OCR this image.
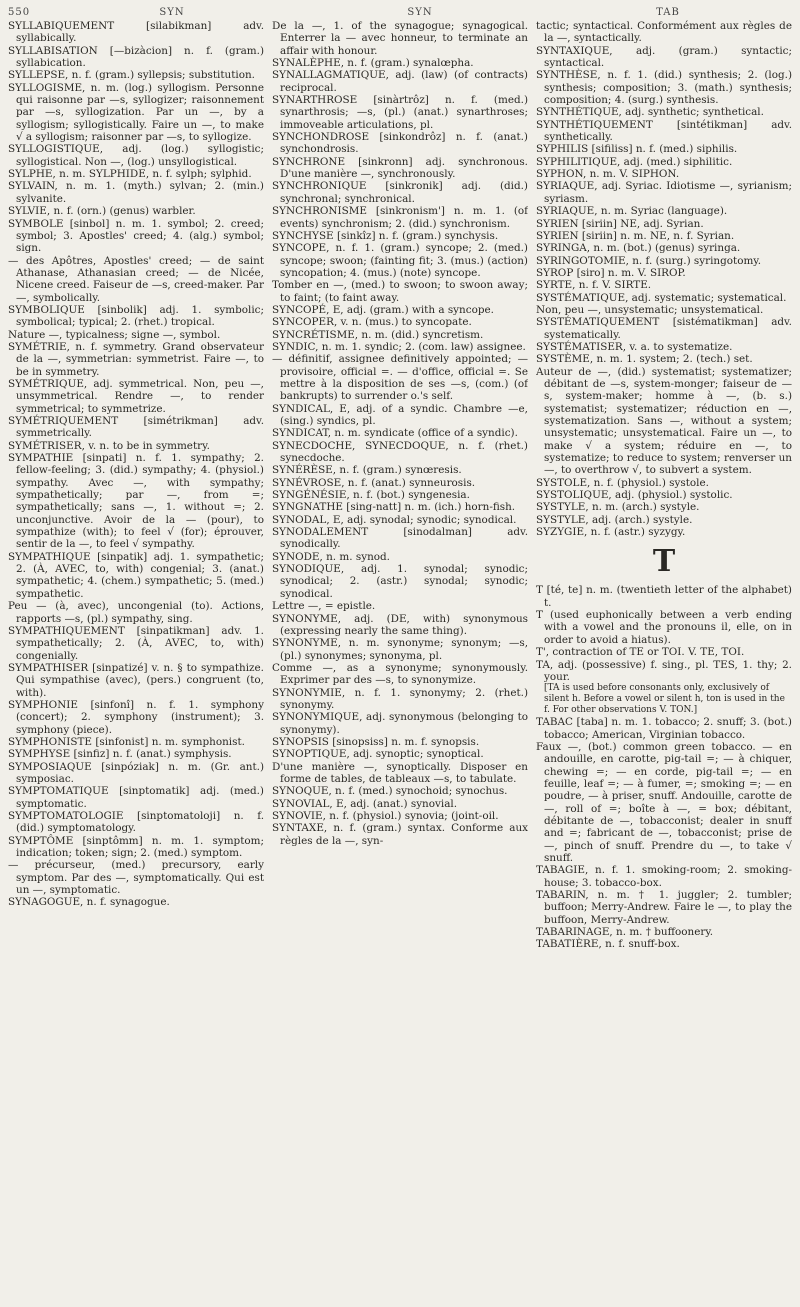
550	SYN	SYN	TAB

SYLLABIQUEMENT [silabikman] adv. syllabically.

SYLLABISATION [—bizàcion] n. f. (gram.) syllabication.

SYLLEPSE, n. f. (gram.) syllepsis; substitution.

SYLLOGISME, n. m. (log.) syllogism. Personne qui raisonne par —s, syllogizer; raisonnement par —s, syllogization. Par un —, by a syllogism; syllogistically. Faire un —, to make √ a syllogism; raisonner par —s, to syllogize.

SYLLOGISTIQUE, adj. (log.) syllogistic; syllogistical. Non —, (log.) unsyllogistical.

SYLPHE, n. m. SYLPHIDE, n. f. sylph; sylphid.

SYLVAIN, n. m. 1. (myth.) sylvan; 2. (min.) sylvanite.

SYLVIE, n. f. (orn.) (genus) warbler.

SYMBOLE [sinbol] n. m. 1. symbol; 2. creed; symbol; 3. Apostles' creed; 4. (alg.) symbol; sign.

— des Apôtres, Apostles' creed; — de saint Athanase, Athanasian creed; — de Nicée, Nicene creed. Faiseur de —s, creed-maker. Par —, symbolically.

SYMBOLIQUE [sinbolik] adj. 1. symbolic; symbolical; typical; 2. (rhet.) tropical.

Nature —, typicalness; signe —, symbol.

SYMÉTRIE, n. f. symmetry. Grand observateur de la —, symmetrian: symmetrist. Faire —, to be in symmetry.

SYMÉTRIQUE, adj. symmetrical. Non, peu —, unsymmetrical. Rendre —, to render symmetrical; to symmetrize.

SYMÉTRIQUEMENT [simétrikman] adv. symmetrically.

SYMÉTRISER, v. n. to be in symmetry.

SYMPATHIE [sinpati] n. f. 1. sympathy; 2. fellow-feeling; 3. (did.) sympathy; 4. (physiol.) sympathy. Avec —, with sympathy; sympathetically; par —, from =; sympathetically; sans —, 1. without =; 2. unconjunctive. Avoir de la — (pour), to sympathize (with); to feel √ (for); éprouver, sentir de la —, to feel √ sympathy.

SYMPATHIQUE [sinpatik] adj. 1. sympathetic; 2. (À, AVEC, to, with) congenial; 3. (anat.) sympathetic; 4. (chem.) sympathetic; 5. (med.) sympathetic.

Peu — (à, avec), uncongenial (to). Actions, rapports —s, (pl.) sympathy, sing.

SYMPATHIQUEMENT [sinpatikman] adv. 1. sympathetically; 2. (À, AVEC, to, with) congenially.

SYMPATHISER [sinpatizé] v. n. § to sympathize. Qui sympathise (avec), (pers.) congruent (to, with).

SYMPHONIE [sinfonî] n. f. 1. symphony (concert); 2. symphony (instrument); 3. symphony (piece).

SYMPHONISTE [sinfonist] n. m. symphonist.

SYMPHYSE [sinfiz] n. f. (anat.) symphysis.

SYMPOSIAQUE [sinpóziak] n. m. (Gr. ant.) symposiac.

SYMPTOMATIQUE [sinptomatik] adj. (med.) symptomatic.

SYMPTOMATOLOGIE [sinptomatoloji] n. f. (did.) symptomatology.

SYMPTÔME [sinptômm] n. m. 1. symptom; indication; token; sign; 2. (med.) symptom.

— précurseur, (med.) precursory, early symptom. Par des —, symptomatically. Qui est un —, symptomatic.

SYNAGOGUE, n. f. synagogue.

De la —, 1. of the synagogue; synagogical. Enterrer la — avec honneur, to terminate an affair with honour.

SYNALÈPHE, n. f. (gram.) synalœpha.

SYNALLAGMATIQUE, adj. (law) (of contracts) reciprocal.

SYNARTHROSE [sinàrtrôz] n. f. (med.) synarthrosis; —s, (pl.) (anat.) synarthroses; immoveable articulations, pl.

SYNCHONDROSE [sinkondrôz] n. f. (anat.) synchondrosis.

SYNCHRONE [sinkronn] adj. synchronous. D'une manière —, synchronously.

SYNCHRONIQUE [sinkronik] adj. (did.) synchronal; synchronical.

SYNCHRONISME [sinkronism'] n. m. 1. (of events) synchronism; 2. (did.) synchronism.

SYNCHYSE [sinkîz] n. f. (gram.) synchysis.

SYNCOPE, n. f. 1. (gram.) syncope; 2. (med.) syncope; swoon; (fainting fit; 3. (mus.) (action) syncopation; 4. (mus.) (note) syncope.

Tomber en —, (med.) to swoon; to swoon away; to faint; (to faint away.

SYNCOPÉ, E, adj. (gram.) with a syncope.

SYNCOPER, v. n. (mus.) to syncopate.

SYNCRÉTISME, n. m. (did.) syncretism.

SYNDIC, n. m. 1. syndic; 2. (com. law) assignee.

— définitif, assignee definitively appointed; — provisoire, official =. — d'office, official =. Se mettre à la disposition de ses —s, (com.) (of bankrupts) to surrender o.'s self.

SYNDICAL, E, adj. of a syndic. Chambre —e, (sing.) syndics, pl.

SYNDICAT, n. m. syndicate (office of a syndic).

SYNECDOCHE, SYNECDOQUE, n. f. (rhet.) synecdoche.

SYNÉRÈSE, n. f. (gram.) synœresis.

SYNÉVROSE, n. f. (anat.) synneurosis.

SYNGÉNÉSIE, n. f. (bot.) syngenesia.

SYNGNATHE [sing-natt] n. m. (ich.) horn-fish.

SYNODAL, E, adj. synodal; synodic; synodical.

SYNODALEMENT [sinodalman] adv. synodically.

SYNODE, n. m. synod.

SYNODIQUE, adj. 1. synodal; synodic; synodical; 2. (astr.) synodal; synodic; synodical.

Lettre —, = epistle.

SYNONYME, adj. (DE, with) synonymous (expressing nearly the same thing).

SYNONYME, n. m. synonyme; synonym; —s, (pl.) synonymes; synonyma, pl.

Comme —, as a synonyme; synonymously. Exprimer par des —s, to synonymize.

SYNONYMIE, n. f. 1. synonymy; 2. (rhet.) synonymy.

SYNONYMIQUE, adj. synonymous (belonging to synonymy).

SYNOPSIS [sinopsiss] n. m. f. synopsis.

SYNOPTIQUE, adj. synoptic; synoptical.

D'une manière —, synoptically. Disposer en forme de tables, de tableaux —s, to tabulate.

SYNOQUE, n. f. (med.) synochoid; synochus.

SYNOVIAL, E, adj. (anat.) synovial.

SYNOVIE, n. f. (physiol.) synovia; (joint-oil.

SYNTAXE, n. f. (gram.) syntax. Conforme aux règles de la —, syn-

tactic; syntactical. Conformément aux règles de la —, syntactically.

SYNTAXIQUE, adj. (gram.) syntactic; syntactical.

SYNTHÈSE, n. f. 1. (did.) synthesis; 2. (log.) synthesis; composition; 3. (math.) synthesis; composition; 4. (surg.) synthesis.

SYNTHÉTIQUE, adj. synthetic; synthetical.

SYNTHÉTIQUEMENT [sintétikman] adv. synthetically.

SYPHILIS [sifiliss] n. f. (med.) siphilis.

SYPHILITIQUE, adj. (med.) siphilitic.

SYPHON, n. m. V. SIPHON.

SYRIAQUE, adj. Syriac. Idiotisme —, syrianism; syriasm.

SYRIAQUE, n. m. Syriac (language).

SYRIEN [siriin] NE, adj. Syrian.

SYRIEN [siriin] n. m. NE, n. f. Syrian.

SYRINGA, n. m. (bot.) (genus) syringa.

SYRINGOTOMIE, n. f. (surg.) syringotomy.

SYROP [siro] n. m. V. SIROP.

SYRTE, n. f. V. SIRTE.

SYSTÉMATIQUE, adj. systematic; systematical.

Non, peu —, unsystematic; unsystematical.

SYSTÉMATIQUEMENT [sistématikman] adv. systematically.

SYSTÉMATISER, v. a. to systematize.

SYSTÈME, n. m. 1. system; 2. (tech.) set.

Auteur de —, (did.) systematist; systematizer; débitant de —s, system-monger; faiseur de —s, system-maker; homme à —, (b. s.) systematist; systematizer; réduction en —, systematization. Sans —, without a system; unsystematic; unsystematical. Faire un —, to make √ a system; réduire en —, to systematize; to reduce to system; renverser un —, to overthrow √, to subvert a system.

SYSTOLE, n. f. (physiol.) systole.

SYSTOLIQUE, adj. (physiol.) systolic.

SYSTYLE, n. m. (arch.) systyle.

SYSTYLE, adj. (arch.) systyle.

SYZYGIE, n. f. (astr.) syzygy.

T

T [té, te] n. m. (twentieth letter of the alphabet) t.

T (used euphonically between a verb ending with a vowel and the pronouns il, elle, on in order to avoid a hiatus).

T', contraction of TE or TOI. V. TE, TOI.

TA, adj. (possessive) f. sing., pl. TES, 1. thy; 2. your.

[TA is used before consonants only, exclusively of silent h. Before a vowel or silent h, ton is used in the f. For other observations V. TON.]

TABAC [taba] n. m. 1. tobacco; 2. snuff; 3. (bot.) tobacco; American, Virginian tobacco.

Faux —, (bot.) common green tobacco. — en andouille, en carotte, pig-tail =; — à chiquer, chewing =; — en corde, pig-tail =; — en feuille, leaf =; — à fumer, =; smoking =; — en poudre, — à priser, snuff. Andouille, carotte de —, roll of =; boîte à —, = box; débitant, débitante de —, tobacconist; dealer in snuff and =; fabricant de —, tobacconist; prise de —, pinch of snuff. Prendre du —, to take √ snuff.

TABAGIE, n. f. 1. smoking-room; 2. smoking-house; 3. tobacco-box.

TABARIN, n. m. † 1. juggler; 2. tumbler; buffoon; Merry-Andrew. Faire le —, to play the buffoon, Merry-Andrew.

TABARINAGE, n. m. † buffoonery.

TABATIÈRE, n. f. snuff-box.
